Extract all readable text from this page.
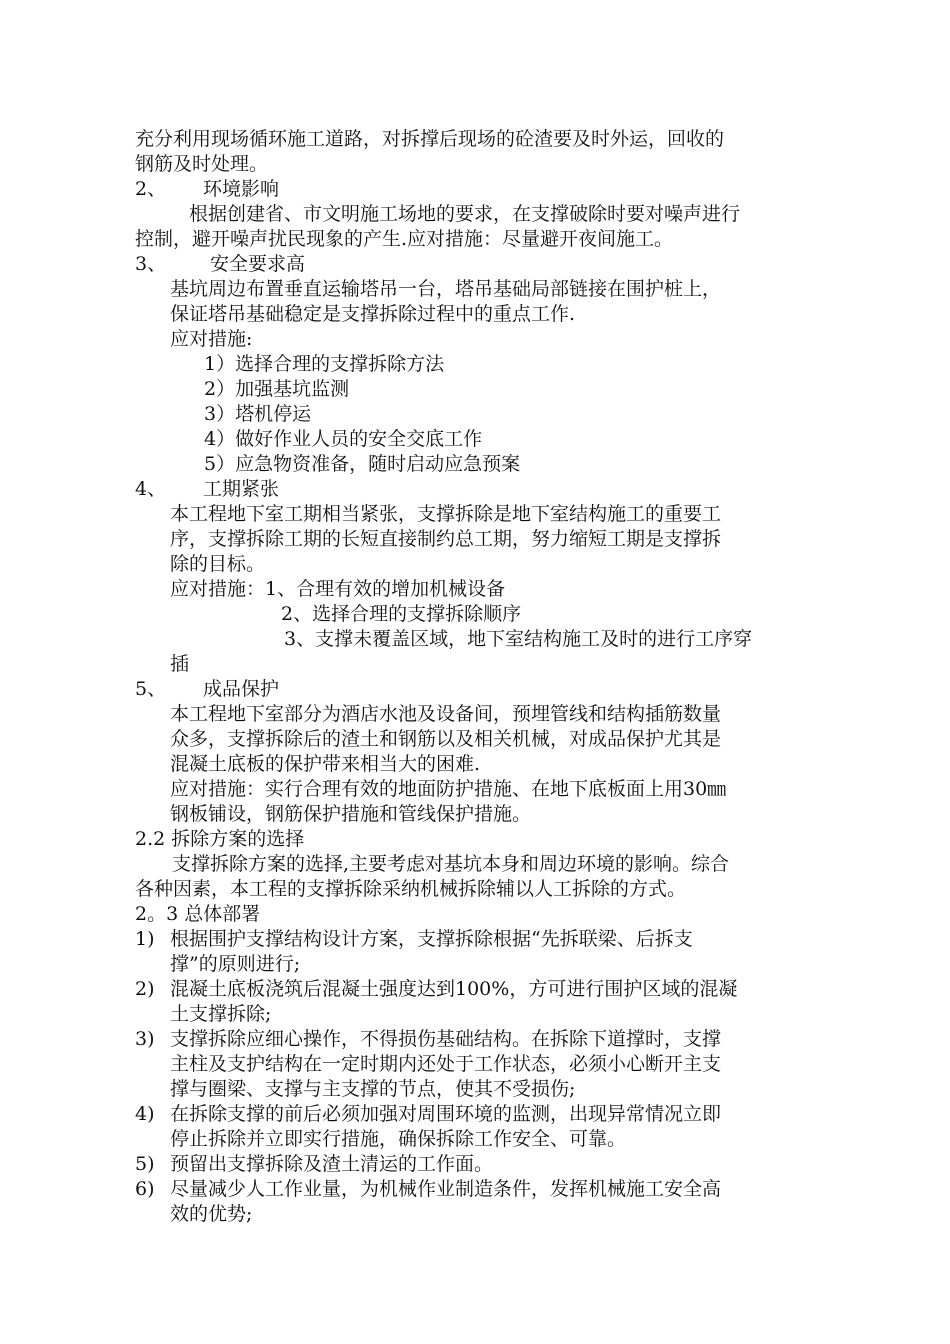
充分利用现场循环施工道路，对拆撑后现场的砼渣要及时外运，回收的
钢筋及时处理。
2、 环境影响
根据创建省、市文明施工场地的要求，在支撑破除时要对噪声进行
控制，避开噪声扰民现象的产生.应对措施：尽量避开夜间施工。
3、 安全要求高
基坑周边布置垂直运输塔吊一台，塔吊基础局部链接在围护桩上，
保证塔吊基础稳定是支撑拆除过程中的重点工作.
应对措施:
1）选择合理的支撑拆除方法
2）加强基坑监测
3）塔机停运
4）做好作业人员的安全交底工作
5）应急物资准备，随时启动应急预案
4、 工期紧张
本工程地下室工期相当紧张，支撑拆除是地下室结构施工的重要工
序，支撑拆除工期的长短直接制约总工期，努力缩短工期是支撑拆
除的目标。
应对措施：1、合理有效的增加机械设备
2、选择合理的支撑拆除顺序
3、支撑未覆盖区域，地下室结构施工及时的进行工序穿
插
5、 成品保护
本工程地下室部分为酒店水池及设备间，预埋管线和结构插筋数量
众多，支撑拆除后的渣土和钢筋以及相关机械，对成品保护尤其是
混凝土底板的保护带来相当大的困难.
应对措施：实行合理有效的地面防护措施、在地下底板面上用30㎜
钢板铺设，钢筋保护措施和管线保护措施。
2.2 拆除方案的选择
支撑拆除方案的选择,主要考虑对基坑本身和周边环境的影响。综合
各种因素，本工程的支撑拆除采纳机械拆除辅以人工拆除的方式。
2。3 总体部署
1) 根据围护支撑结构设计方案，支撑拆除根据“先拆联梁、后拆支
撑”的原则进行;
2) 混凝土底板浇筑后混凝土强度达到100%，方可进行围护区域的混凝
土支撑拆除;
3) 支撑拆除应细心操作，不得损伤基础结构。在拆除下道撑时，支撑
主柱及支护结构在一定时期内还处于工作状态，必须小心断开主支
撑与圈梁、支撑与主支撑的节点，使其不受损伤;
4) 在拆除支撑的前后必须加强对周围环境的监测，出现异常情况立即
停止拆除并立即实行措施，确保拆除工作安全、可靠。
5) 预留出支撑拆除及渣土清运的工作面。
6) 尽量减少人工作业量，为机械作业制造条件，发挥机械施工安全高
效的优势;
